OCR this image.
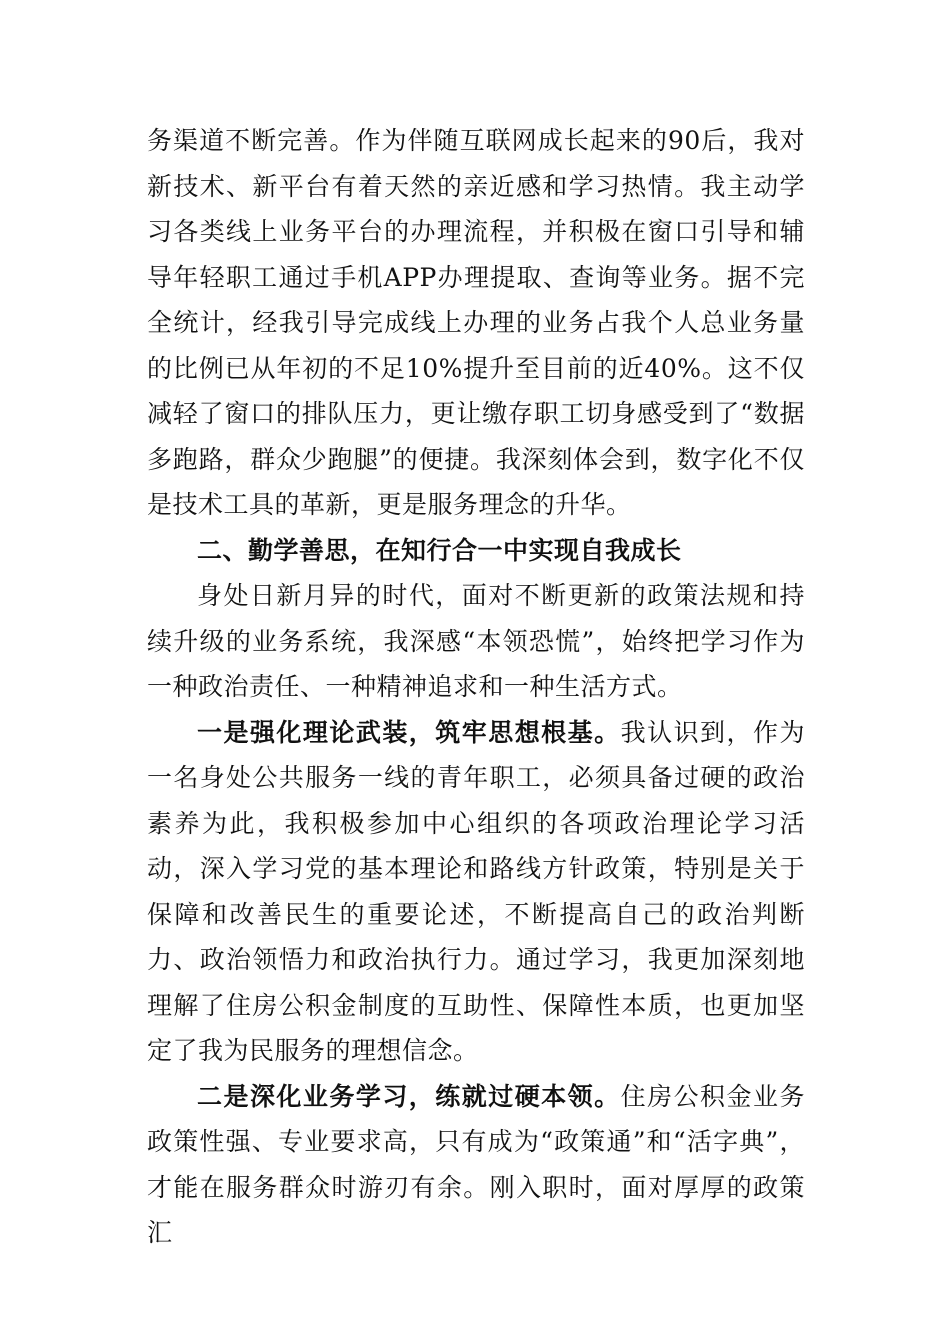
务渠道不断完善。作为伴随互联网成长起来的90后，我对新技术、新平台有着天然的亲近感和学习热情。我主动学习各类线上业务平台的办理流程，并积极在窗口引导和辅导年轻职工通过手机APP办理提取、查询等业务。据不完全统计，经我引导完成线上办理的业务占我个人总业务量的比例已从年初的不足10%提升至目前的近40%。这不仅减轻了窗口的排队压力，更让缴存职工切身感受到了“数据多跑路，群众少跑腿”的便捷。我深刻体会到，数字化不仅是技术工具的革新，更是服务理念的升华。

二、勤学善思，在知行合一中实现自我成长

身处日新月异的时代，面对不断更新的政策法规和持续升级的业务系统，我深感“本领恐慌”，始终把学习作为一种政治责任、一种精神追求和一种生活方式。

一是强化理论武装，筑牢思想根基。我认识到，作为一名身处公共服务一线的青年职工，必须具备过硬的政治素养为此，我积极参加中心组织的各项政治理论学习活动，深入学习党的基本理论和路线方针政策，特别是关于保障和改善民生的重要论述，不断提高自己的政治判断力、政治领悟力和政治执行力。通过学习，我更加深刻地理解了住房公积金制度的互助性、保障性本质，也更加坚定了我为民服务的理想信念。

二是深化业务学习，练就过硬本领。住房公积金业务政策性强、专业要求高，只有成为“政策通”和“活字典”，才能在服务群众时游刃有余。刚入职时，面对厚厚的政策汇
